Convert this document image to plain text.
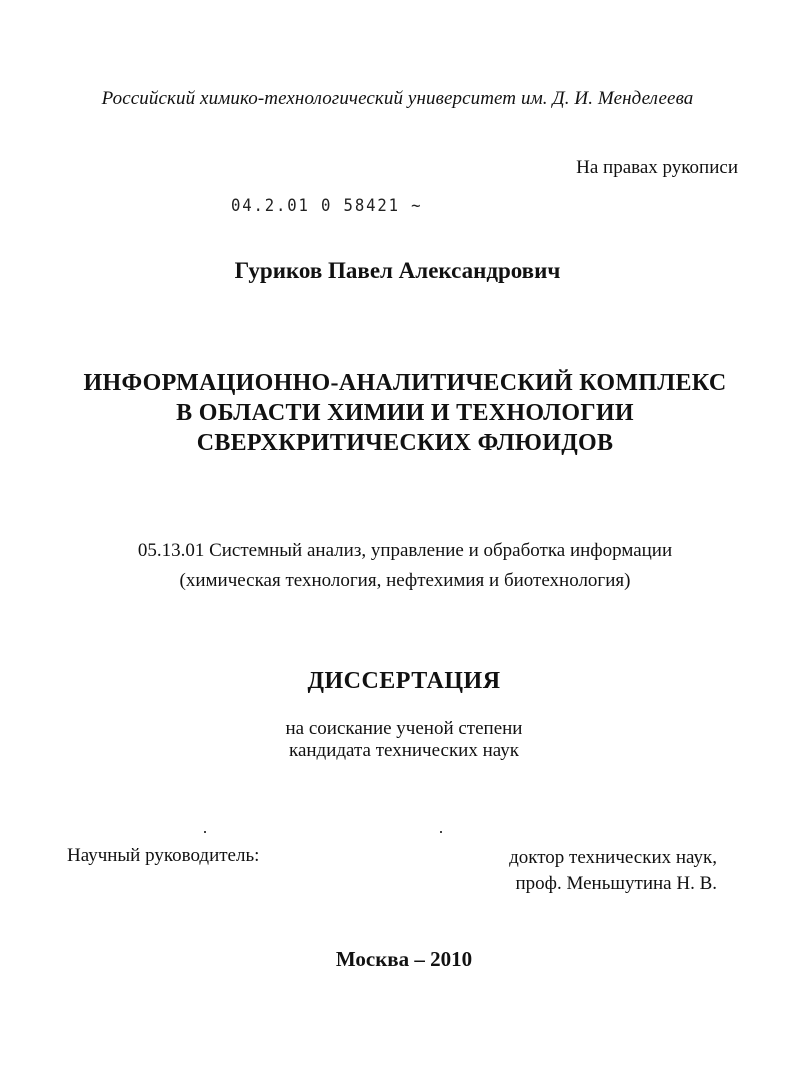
Российский химико-технологический университет им. Д. И. Менделеева
На правах рукописи
04.2.01 0 58421 ~
Гуриков Павел Александрович
ИНФОРМАЦИОННО-АНАЛИТИЧЕСКИЙ КОМПЛЕКС
В ОБЛАСТИ ХИМИИ И ТЕХНОЛОГИИ
СВЕРХКРИТИЧЕСКИХ ФЛЮИДОВ
05.13.01 Системный анализ, управление и обработка информации
(химическая технология, нефтехимия и биотехнология)
ДИССЕРТАЦИЯ
на соискание ученой степени
кандидата технических наук
Научный руководитель:	доктор технических наук,
проф. Меньшутина Н. В.
Москва – 2010
